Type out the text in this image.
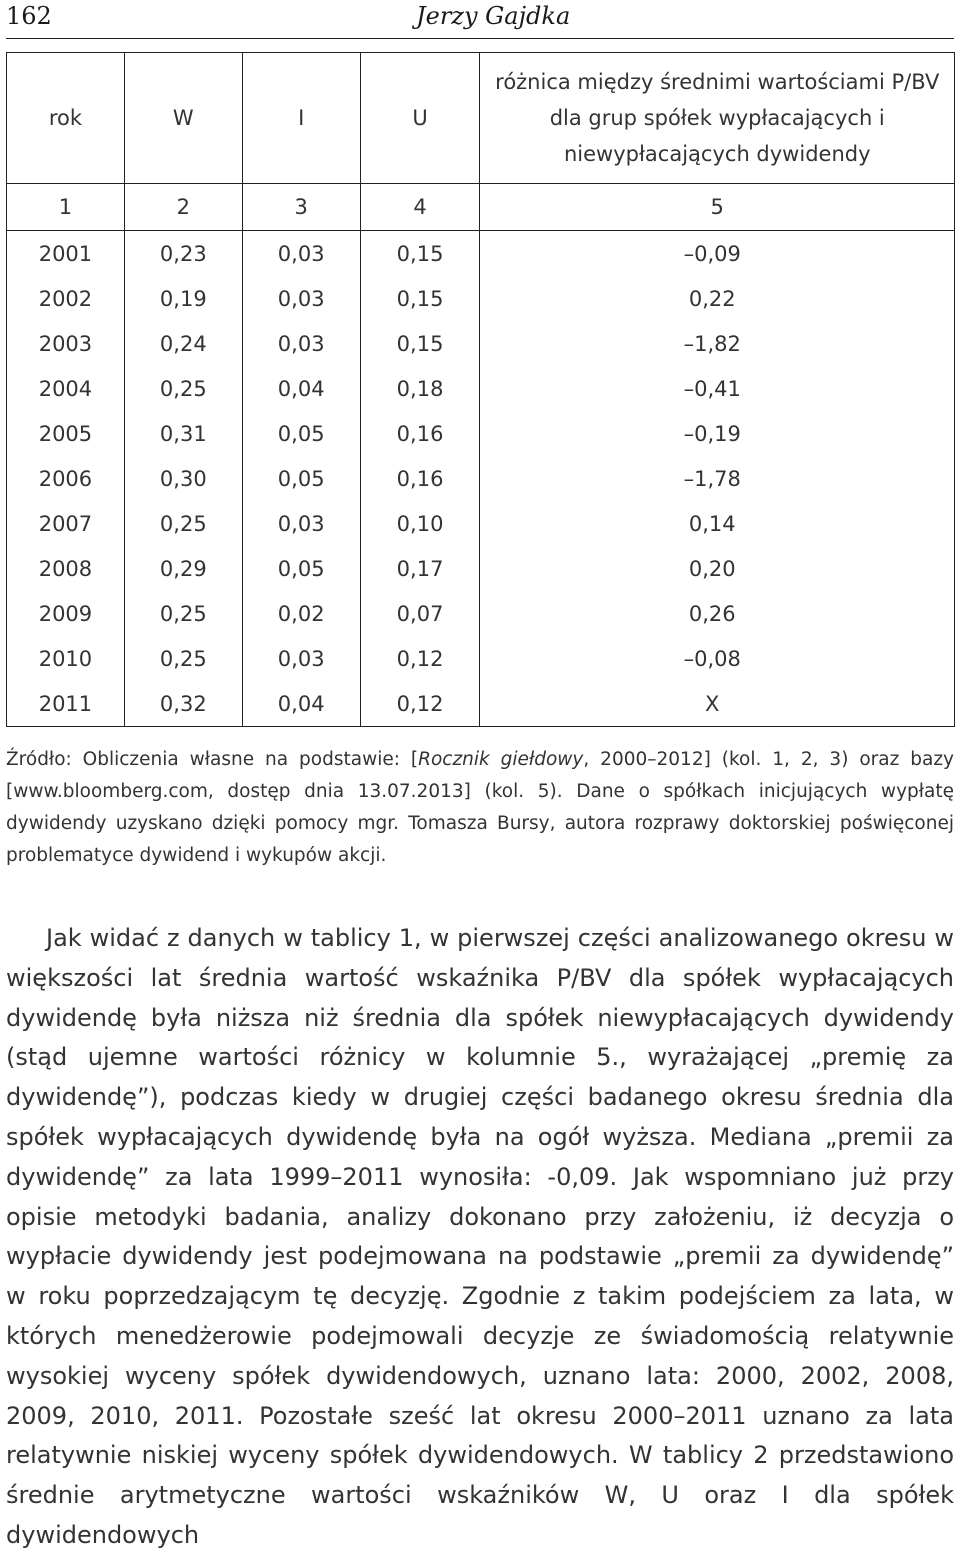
162	Jerzy Gajdka
rok	W	I	U	różnica między średnimi wartościami P/BV dla grup spółek wypłacających i niewypłacających dywidendy
1	2	3	4	5
2001	0,23	0,03	0,15	–0,09
2002	0,19	0,03	0,15	0,22
2003	0,24	0,03	0,15	–1,82
2004	0,25	0,04	0,18	–0,41
2005	0,31	0,05	0,16	–0,19
2006	0,30	0,05	0,16	–1,78
2007	0,25	0,03	0,10	0,14
2008	0,29	0,05	0,17	0,20
2009	0,25	0,02	0,07	0,26
2010	0,25	0,03	0,12	–0,08
2011	0,32	0,04	0,12	X
Źródło: Obliczenia własne na podstawie: [Rocznik giełdowy, 2000–2012] (kol. 1, 2, 3) oraz bazy [www.bloomberg.com, dostęp dnia 13.07.2013] (kol. 5). Dane o spółkach inicjujących wypłatę dywidendy uzyskano dzięki pomocy mgr. Tomasza Bursy, autora rozprawy doktorskiej poświęconej problematyce dywidend i wykupów akcji.
Jak widać z danych w tablicy 1, w pierwszej części analizowanego okresu w większości lat średnia wartość wskaźnika P/BV dla spółek wypłacających dywidendę była niższa niż średnia dla spółek niewypłacających dywidendy (stąd ujemne wartości różnicy w kolumnie 5., wyrażającej „premię za dywidendę”), podczas kiedy w drugiej części badanego okresu średnia dla spółek wypłacających dywidendę była na ogół wyższa. Mediana „premii za dywidendę” za lata 1999–2011 wynosiła: -0,09. Jak wspomniano już przy opisie metodyki badania, analizy dokonano przy założeniu, iż decyzja o wypłacie dywidendy jest podejmowana na podstawie „premii za dywidendę” w roku poprzedzającym tę decyzję. Zgodnie z takim podejściem za lata, w których menedżerowie podejmowali decyzje ze świadomością relatywnie wysokiej wyceny spółek dywidendowych, uznano lata: 2000, 2002, 2008, 2009, 2010, 2011. Pozostałe sześć lat okresu 2000–2011 uznano za lata relatywnie niskiej wyceny spółek dywidendowych. W tablicy 2 przedstawiono średnie arytmetyczne wartości wskaźników W, U oraz I dla spółek dywidendowych
